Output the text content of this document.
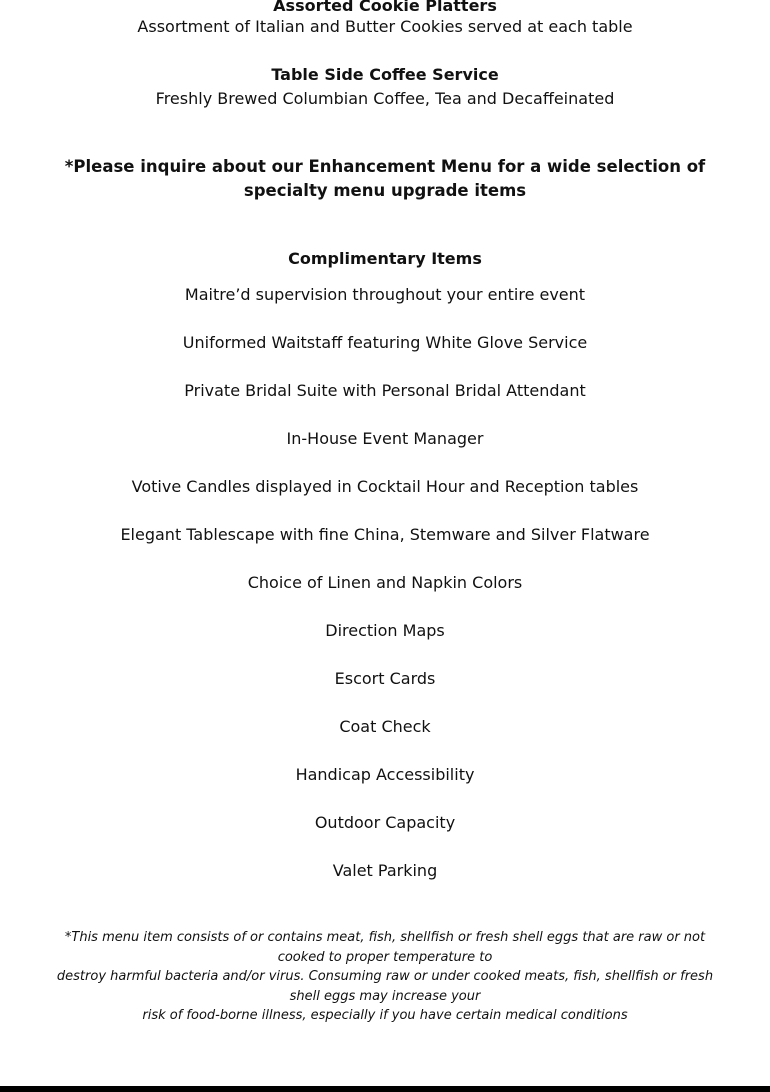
Assorted Cookie Platters
Assortment of Italian and Butter Cookies served at each table
Table Side Coffee Service
Freshly Brewed Columbian Coffee, Tea and Decaffeinated
*Please inquire about our Enhancement Menu for a wide selection of specialty menu upgrade items
Complimentary Items
Maitre’d supervision throughout your entire event
Uniformed Waitstaff featuring White Glove Service
Private Bridal Suite with Personal Bridal Attendant
In-House Event Manager
Votive Candles displayed in Cocktail Hour and Reception tables
Elegant Tablescape with fine China, Stemware and Silver Flatware
Choice of Linen and Napkin Colors
Direction Maps
Escort Cards
Coat Check
Handicap Accessibility
Outdoor Capacity
Valet Parking
*This menu item consists of or contains meat, fish, shellfish or fresh shell eggs that are raw or not cooked to proper temperature to
destroy harmful bacteria and/or virus. Consuming raw or under cooked meats, fish, shellfish or fresh shell eggs may increase your
risk of food-borne illness, especially if you have certain medical conditions
